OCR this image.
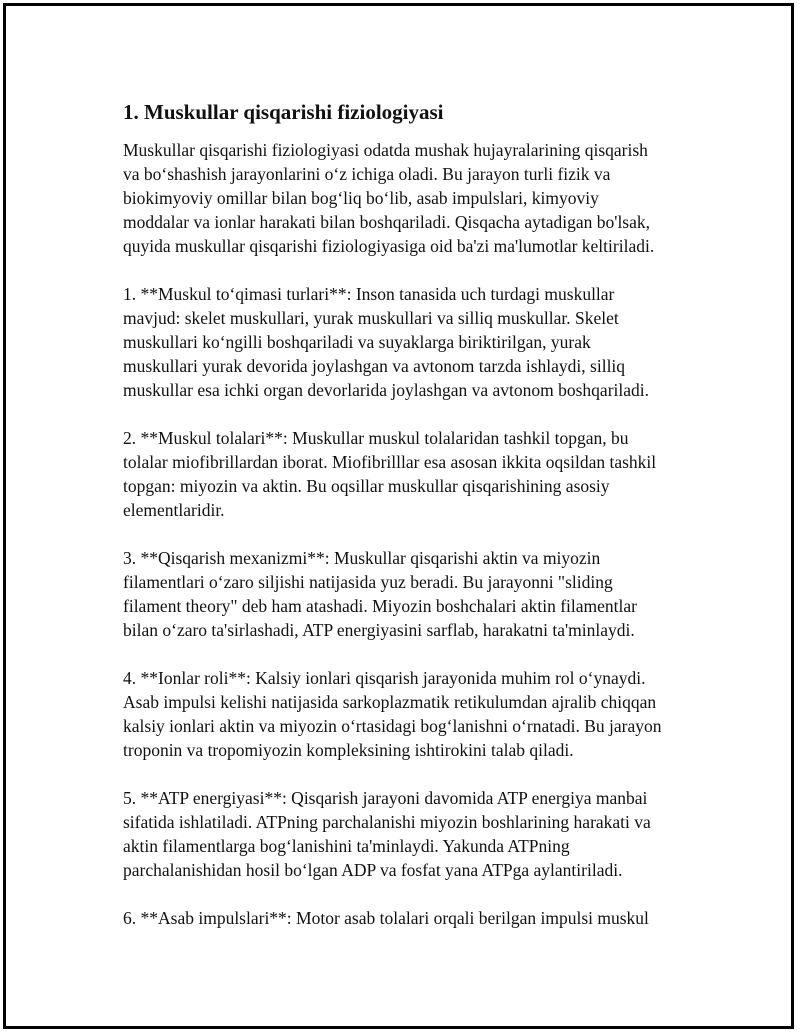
1. Muskullar qisqarishi fiziologiyasi

Muskullar qisqarishi fiziologiyasi odatda mushak hujayralarining qisqarish
va bo‘shashish jarayonlarini o‘z ichiga oladi. Bu jarayon turli fizik va
biokimyoviy omillar bilan bog‘liq bo‘lib, asab impulslari, kimyoviy
moddalar va ionlar harakati bilan boshqariladi. Qisqacha aytadigan bo'lsak,
quyida muskullar qisqarishi fiziologiyasiga oid ba'zi ma'lumotlar keltiriladi.

1. **Muskul to‘qimasi turlari**: Inson tanasida uch turdagi muskullar
mavjud: skelet muskullari, yurak muskullari va silliq muskullar. Skelet
muskullari ko‘ngilli boshqariladi va suyaklarga biriktirilgan, yurak
muskullari yurak devorida joylashgan va avtonom tarzda ishlaydi, silliq
muskullar esa ichki organ devorlarida joylashgan va avtonom boshqariladi.

2. **Muskul tolalari**: Muskullar muskul tolalaridan tashkil topgan, bu
tolalar miofibrillardan iborat. Miofibrilllar esa asosan ikkita oqsildan tashkil
topgan: miyozin va aktin. Bu oqsillar muskullar qisqarishining asosiy
elementlaridir.

3. **Qisqarish mexanizmi**: Muskullar qisqarishi aktin va miyozin
filamentlari o‘zaro siljishi natijasida yuz beradi. Bu jarayonni "sliding
filament theory" deb ham atashadi. Miyozin boshchalari aktin filamentlar
bilan o‘zaro ta'sirlashadi, ATP energiyasini sarflab, harakatni ta'minlaydi.

4. **Ionlar roli**: Kalsiy ionlari qisqarish jarayonida muhim rol o‘ynaydi.
Asab impulsi kelishi natijasida sarkoplazmatik retikulumdan ajralib chiqqan
kalsiy ionlari aktin va miyozin o‘rtasidagi bog‘lanishni o‘rnatadi. Bu jarayon
troponin va tropomiyozin kompleksining ishtirokini talab qiladi.

5. **ATP energiyasi**: Qisqarish jarayoni davomida ATP energiya manbai
sifatida ishlatiladi. ATPning parchalanishi miyozin boshlarining harakati va
aktin filamentlarga bog‘lanishini ta'minlaydi. Yakunda ATPning
parchalanishidan hosil bo‘lgan ADP va fosfat yana ATPga aylantiriladi.

6. **Asab impulslari**: Motor asab tolalari orqali berilgan impulsi muskul
